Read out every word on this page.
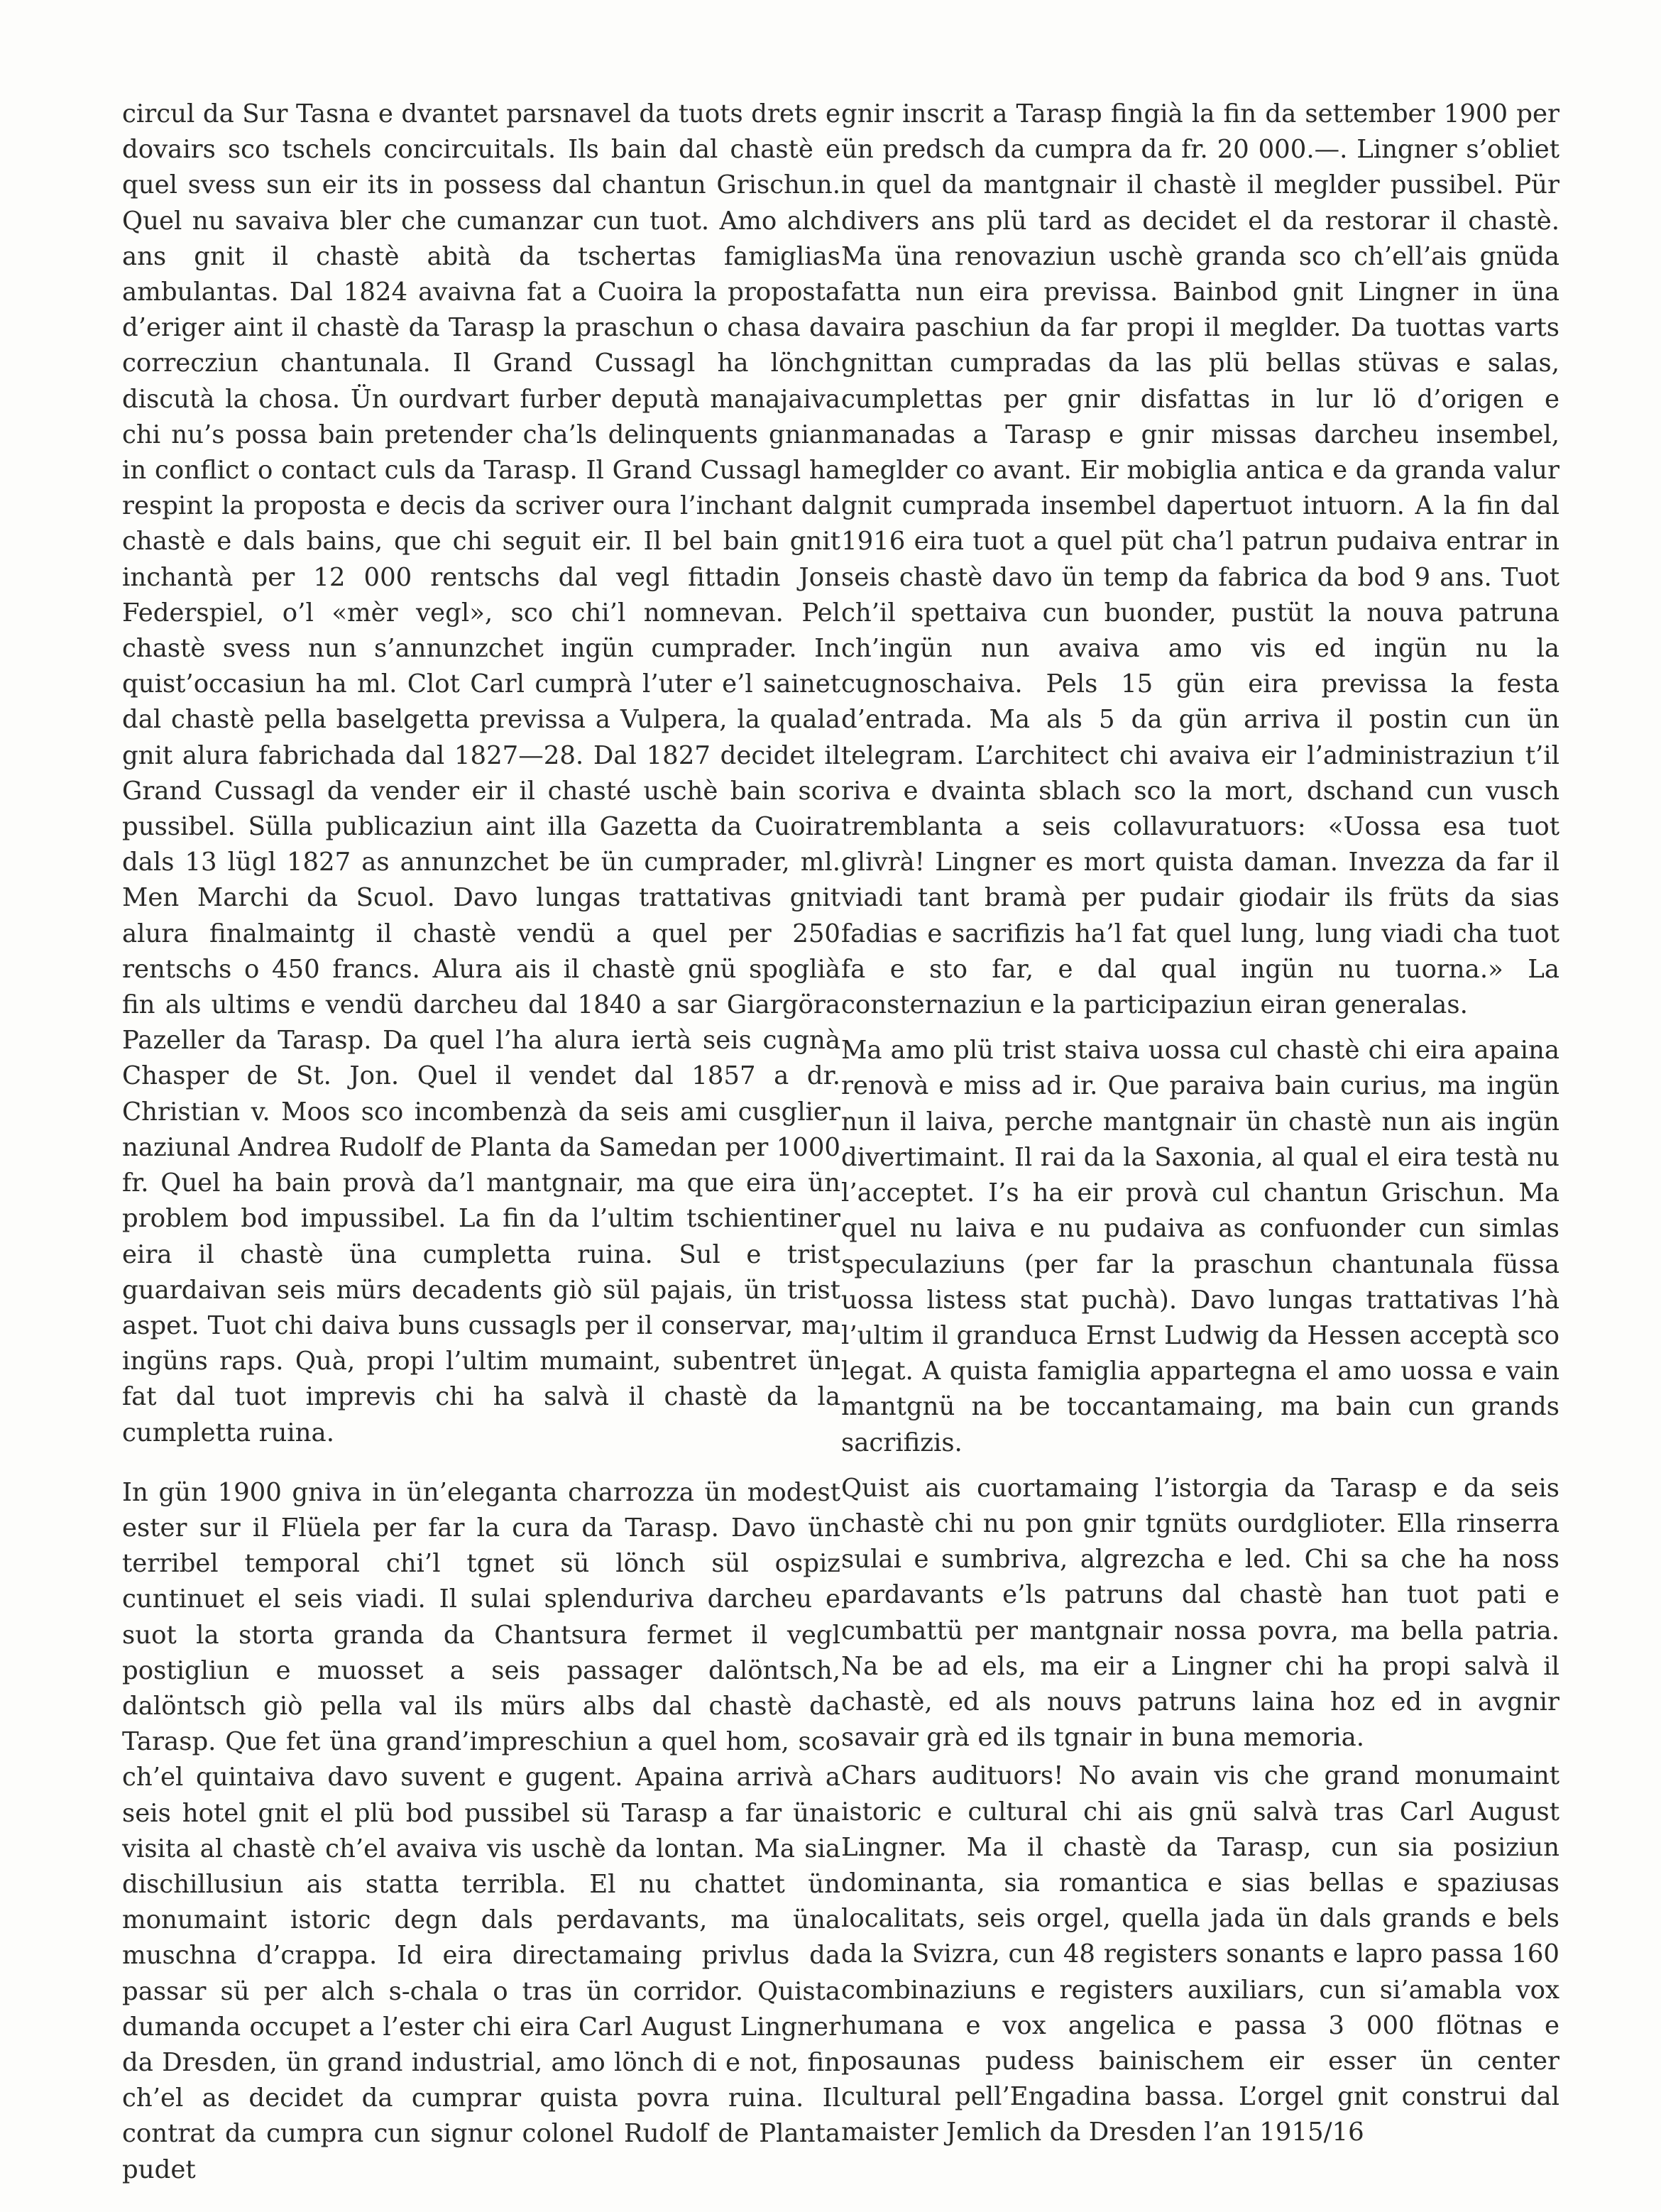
circul da Sur Tasna e dvantet parsnavel da tuots drets e dovairs sco tschels concircuitals. Ils bain dal chastè e quel svess sun eir its in possess dal chantun Grischun. Quel nu savaiva bler che cumanzar cun tuot. Amo alch ans gnit il chastè abità da tschertas famiglias ambulantas. Dal 1824 avaivna fat a Cuoira la proposta d’eriger aint il chastè da Tarasp la praschun o chasa da correcziun chantunala. Il Grand Cussagl ha lönch discutà la chosa. Ün ourdvart furber deputà manajaiva chi nu’s possa bain pretender cha’ls delinquents gnian in conflict o contact culs da Tarasp. Il Grand Cussagl ha respint la proposta e decis da scriver oura l’inchant dal chastè e dals bains, que chi seguit eir. Il bel bain gnit inchantà per 12 000 rentschs dal vegl fittadin Jon Federspiel, o’l «mèr vegl», sco chi’l nomnevan. Pel chastè svess nun s’annunzchet ingün cumprader. In quist’occasiun ha ml. Clot Carl cumprà l’uter e’l sainet dal chastè pella baselgetta previssa a Vulpera, la quala gnit alura fabrichada dal 1827—28. Dal 1827 decidet il Grand Cussagl da vender eir il chasté uschè bain sco pussibel. Süllа publicaziun aint illa Gazetta da Cuoira dals 13 lügl 1827 as annunzchet be ün cumprader, ml. Men Marchi da Scuol. Davo lungas trattativas gnit alura finalmaintg il chastè vendü a quel per 250 rentschs o 450 francs. Alura ais il chastè gnü spoglià fin als ultims e vendü darcheu dal 1840 a sar Giargöra Pazeller da Tarasp. Da quel l’ha alura iertà seis cugnà Chasper de St. Jon. Quel il vendet dal 1857 a dr. Christian v. Moos sco incombenzà da seis ami cusglier naziunal Andrea Rudolf de Planta da Samedan per 1000 fr. Quel ha bain provà da’l mantgnair, ma que eira ün problem bod impussibel. La fin da l’ultim tschientiner eira il chastè üna cumpletta ruina. Sul e trist guardaivan seis mürs decadents giò sül pajais, ün trist aspet. Tuot chi daiva buns cussagls per il conservar, ma ingüns raps. Quà, propi l’ultim mumaint, subentret ün fat dal tuot imprevis chi ha salvà il chastè da la cumpletta ruina.

In gün 1900 gniva in ün’eleganta charrozza ün modest ester sur il Flüela per far la cura da Tarasp. Davo ün terribel temporal chi’l tgnet sü lönch sül ospiz cuntinuet el seis viadi. Il sulai splenduriva darcheu e suot la storta granda da Chantsura fermet il vegl postigliun e muosset a seis passager dalöntsch, dalöntsch giò pella val ils mürs albs dal chastè da Tarasp. Que fet üna grand’impreschiun a quel hom, sco ch’el quintaiva davo suvent e gugent. Apaina arrivà a seis hotel gnit el plü bod pussibel sü Tarasp a far üna visita al chastè ch’el avaiva vis uschè da lontan. Ma sia dischillusiun ais statta terribla. El nu chattet ün monumaint istoric degn dals perdavants, ma üna muschna d’crappa. Id eira directamaing privlus da passar sü per alch s-chala o tras ün corridor. Quista dumanda occupet a l’ester chi eira Carl August Lingner da Dresden, ün grand industrial, amo lönch di e not, fin ch’el as decidet da cumprar quista povra ruina. Il contrat da cumpra cun signur colonel Rudolf de Planta pudet

gnir inscrit a Tarasp fingià la fin da settember 1900 per ün predsch da cumpra da fr. 20 000.—. Lingner s’obliet in quel da mantgnair il chastè il meglder pussibel. Pür divers ans plü tard as decidet el da restorar il chastè. Ma üna renovaziun uschè granda sco ch’ell’ais gnüda fatta nun eira previssa. Bainbod gnit Lingner in üna vaira paschiun da far propi il meglder. Da tuottas varts gnittan cumpradas da las plü bellas stüvas e salas, cumplettas per gnir disfattas in lur lö d’origen e manadas a Tarasp e gnir missas darcheu insembel, meglder co avant. Eir mobiglia antica e da granda valur gnit cumprada insembel dapertuot intuorn. A la fin dal 1916 eira tuot a quel püt cha’l patrun pudaiva entrar in seis chastè davo ün temp da fabrica da bod 9 ans. Tuot ch’il spettaiva cun buonder, pustüt la nouva patruna ch’ingün nun avaiva amo vis ed ingün nu la cugnoschaiva. Pels 15 gün eira previssa la festa d’entrada. Ma als 5 da gün arriva il postin cun ün telegram. L’architect chi avaiva eir l’administraziun t’il riva e dvainta sblach sco la mort, dschand cun vusch tremblanta a seis collavuratuors: «Uossa esa tuot glivrà! Lingner es mort quista daman. Invezza da far il viadi tant bramà per pudair giodair ils früts da sias fadias e sacrifizis ha’l fat quel lung, lung viadi cha tuot fa e sto far, e dal qual ingün nu tuorna.» La consternaziun e la participaziun eiran generalas.

Ma amo plü trist staiva uossa cul chastè chi eira apaina renovà e miss ad ir. Que paraiva bain curius, ma ingün nun il laiva, perche mantgnair ün chastè nun ais ingün divertimaint. Il rai da la Saxonia, al qual el eira testà nu l’acceptet. I’s ha eir provà cul chantun Grischun. Ma quel nu laiva e nu pudaiva as confuonder cun simlas speculaziuns (per far la praschun chantunala füssa uossa listess stat puchà). Davo lungas trattativas l’hà l’ultim il granduca Ernst Ludwig da Hessen acceptà sco legat. A quista famiglia appartegna el amo uossa e vain mantgnü na be toccantamaing, ma bain cun grands sacrifizis.

Quist ais cuortamaing l’istorgia da Tarasp e da seis chastè chi nu pon gnir tgnüts ourdglioter. Ella rinserra sulai e sumbriva, algrezcha e led. Chi sa che ha noss pardavants e’ls patruns dal chastè han tuot pati e cumbattü per mantgnair nossa povra, ma bella patria. Na be ad els, ma eir a Lingner chi ha propi salvà il chastè, ed als nouvs patruns laina hoz ed in avgnir savair grà ed ils tgnair in buna memoria.

Chars audituors! No avain vis che grand monumaint istoric e cultural chi ais gnü salvà tras Carl August Lingner. Ma il chastè da Tarasp, cun sia posiziun dominanta, sia romantica e sias bellas e spaziusas localitats, seis orgel, quella jada ün dals grands e bels da la Svizra, cun 48 registers sonants e lapro passa 160 combinaziuns e registers auxiliars, cun si’amabla vox humana e vox angelica e passa 3 000 flötnas e posaunas pudess bainischem eir esser ün center cultural pell’Engadina bassa. L’orgel gnit construi dal maister Jemlich da Dresden l’an 1915/16
